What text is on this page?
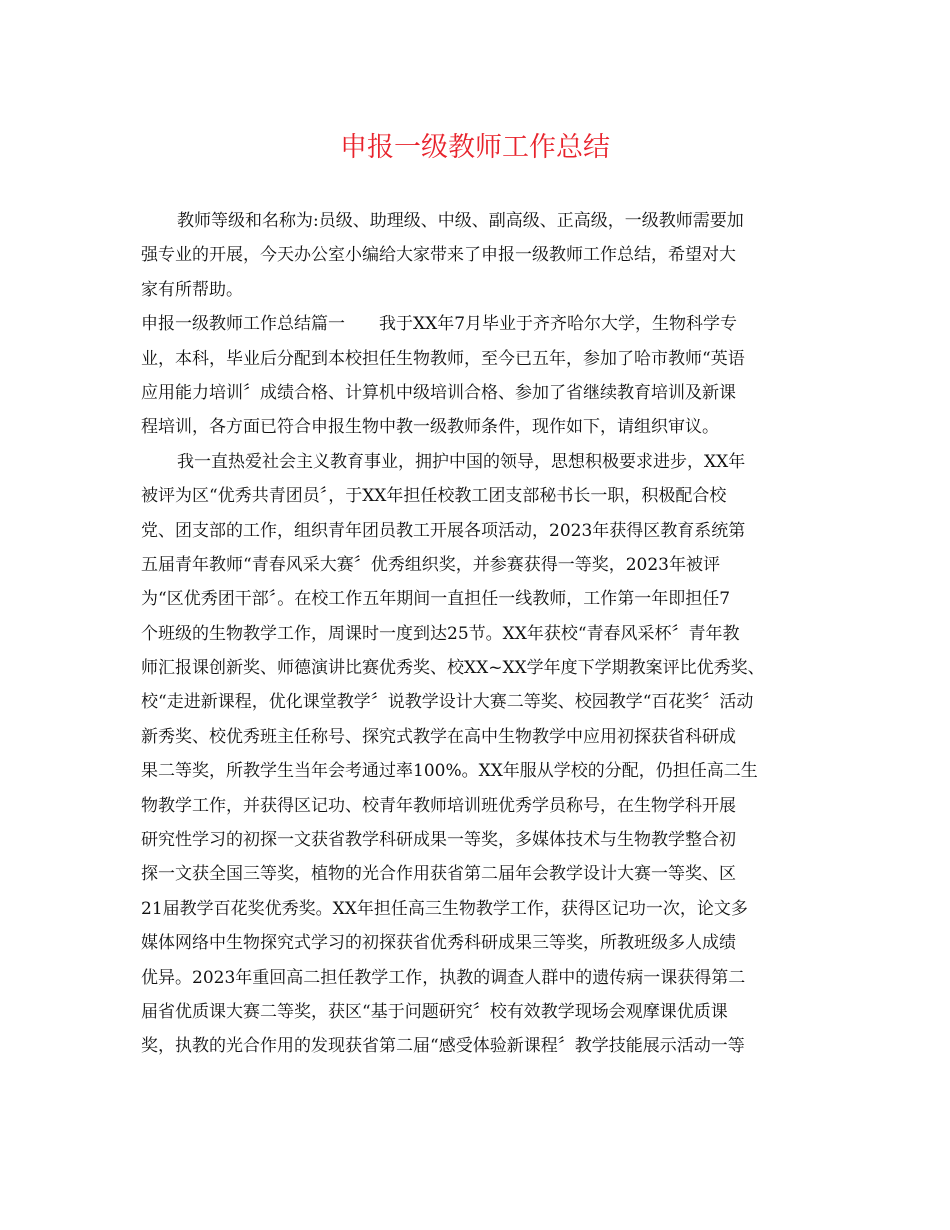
申报一级教师工作总结
教师等级和名称为:员级、助理级、中级、副高级、正高级，一级教师需要加
强专业的开展，今天办公室小编给大家带来了申报一级教师工作总结，希望对大
家有所帮助。
申报一级教师工作总结篇一　　我于XX年7月毕业于齐齐哈尔大学，生物科学专
业，本科，毕业后分配到本校担任生物教师，至今已五年，参加了哈市教师“英语
应用能力培训〞成绩合格、计算机中级培训合格、参加了省继续教育培训及新课
程培训，各方面已符合申报生物中教一级教师条件，现作如下，请组织审议。
我一直热爱社会主义教育事业，拥护中国的领导，思想积极要求进步，XX年
被评为区“优秀共青团员〞，于XX年担任校教工团支部秘书长一职，积极配合校
党、团支部的工作，组织青年团员教工开展各项活动，2023年获得区教育系统第
五届青年教师“青春风采大赛〞优秀组织奖，并参赛获得一等奖，2023年被评
为“区优秀团干部〞。在校工作五年期间一直担任一线教师，工作第一年即担任7
个班级的生物教学工作，周课时一度到达25节。XX年获校“青春风采杯〞青年教
师汇报课创新奖、师德演讲比赛优秀奖、校XX~XX学年度下学期教案评比优秀奖、
校“走进新课程，优化课堂教学〞说教学设计大赛二等奖、校园教学“百花奖〞活动
新秀奖、校优秀班主任称号、探究式教学在高中生物教学中应用初探获省科研成
果二等奖，所教学生当年会考通过率100%。XX年服从学校的分配，仍担任高二生
物教学工作，并获得区记功、校青年教师培训班优秀学员称号，在生物学科开展
研究性学习的初探一文获省教学科研成果一等奖，多媒体技术与生物教学整合初
探一文获全国三等奖，植物的光合作用获省第二届年会教学设计大赛一等奖、区
21届教学百花奖优秀奖。XX年担任高三生物教学工作，获得区记功一次，论文多
媒体网络中生物探究式学习的初探获省优秀科研成果三等奖，所教班级多人成绩
优异。2023年重回高二担任教学工作，执教的调查人群中的遗传病一课获得第二
届省优质课大赛二等奖，获区“基于问题研究〞校有效教学现场会观摩课优质课
奖，执教的光合作用的发现获省第二届“感受体验新课程〞教学技能展示活动一等
